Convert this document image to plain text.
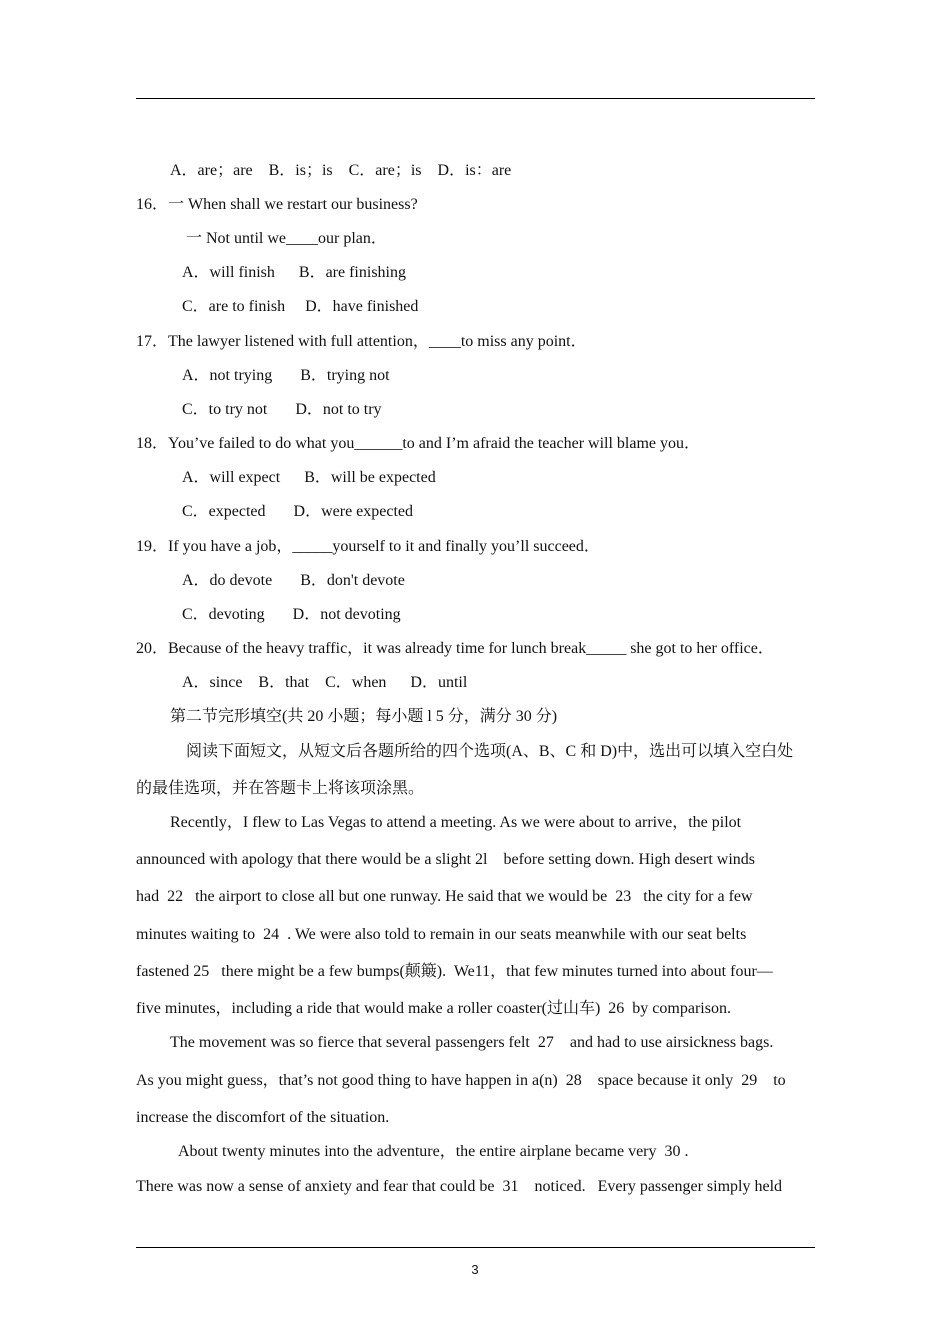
A．are；are    B．is；is    C．are；is    D．is：are
16．一 When shall we restart our business?
一 Not until we____our plan．
A．will finish      B．are finishing
C．are to finish     D．have finished
17．The lawyer listened with full attention，____to miss any point．
A．not trying       B．trying not
C．to try not       D．not to try
18．You’ve failed to do what you______to and I’m afraid the teacher will blame you．
A．will expect      B．will be expected
C．expected       D．were expected
19．If you have a job，_____yourself to it and finally you’ll succeed．
A．do devote       B．don't devote
C．devoting       D．not devoting
20．Because of the heavy traffic，it was already time for lunch break_____ she got to her office．
A．since    B．that    C．when      D．until
第二节完形填空(共 20 小题；每小题 l 5 分，满分 30 分)
阅读下面短文，从短文后各题所给的四个选项(A、B、C 和 D)中，选出可以填入空白处
的最佳选项，并在答题卡上将该项涂黑。
Recently，I flew to Las Vegas to attend a meeting. As we were about to arrive，the pilot
announced with apology that there would be a slight 2l    before setting down. High desert winds
had  22   the airport to close all but one runway. He said that we would be  23   the city for a few
minutes waiting to  24  . We were also told to remain in our seats meanwhile with our seat belts
fastened 25   there might be a few bumps(颠簸).  We11，that few minutes turned into about four—
five minutes，including a ride that would make a roller coaster(过山车)  26  by comparison.
The movement was so fierce that several passengers felt  27    and had to use airsickness bags.
As you might guess，that’s not good thing to have happen in a(n)  28    space because it only  29    to
increase the discomfort of the situation.
About twenty minutes into the adventure，the entire airplane became very  30 .
There was now a sense of anxiety and fear that could be  31    noticed.   Every passenger simply held
3
